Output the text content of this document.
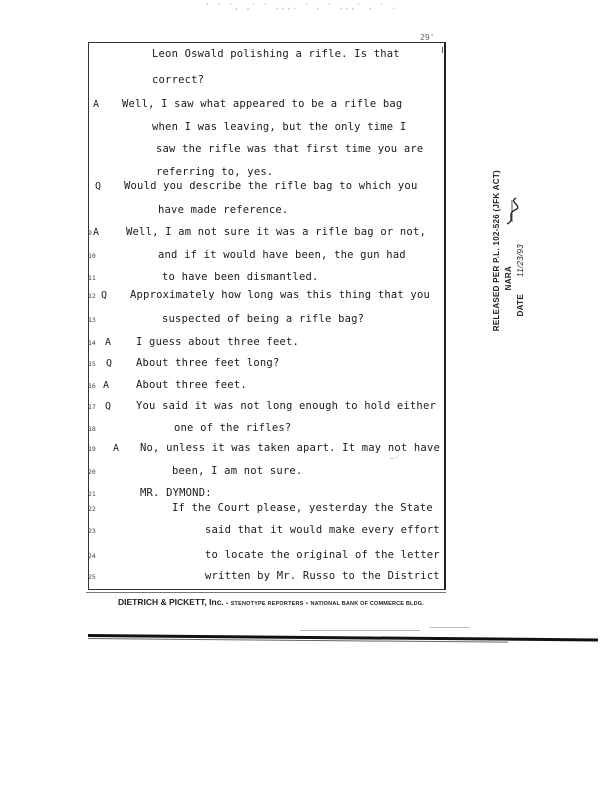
' ' ', ,' ' ,,,. ' , ' ,,,' , ' .
29'
Leon Oswald polishing a rifle. Is that
correct?
A Well, I saw what appeared to be a rifle bag
when I was leaving, but the only time I
saw the rifle was that first time you are
referring to, yes.
Q Would you describe the rifle bag to which you
have made reference.
9 A	Well, I am not sure it was a rifle bag or not,
10	and if it would have been, the gun had
11	to have been dismantled.
12 Q Approximately how long was this thing that you
13	suspected of being a rifle bag?
14 A I guess about three feet.
15 Q About three feet long?
16 A	About three feet.
17 Q You said it was not long enough to hold either
18	one of the rifles?
19 A No, unless it was taken apart. It may not have
20	been, I am not sure.
21	MR. DYMOND:
22	If the Court please, yesterday the State
23	said that it would make every effort
24	to locate the original of the letter
25	written by Mr. Russo to the District
‒·
DIETRICH & PICKETT, Inc. • STENOTYPE REPORTERS • NATIONAL BANK OF COMMERCE BLDG.
RELEASED PER P.L. 102-526 (JFK ACT) NARA
DATE
11/23/93
